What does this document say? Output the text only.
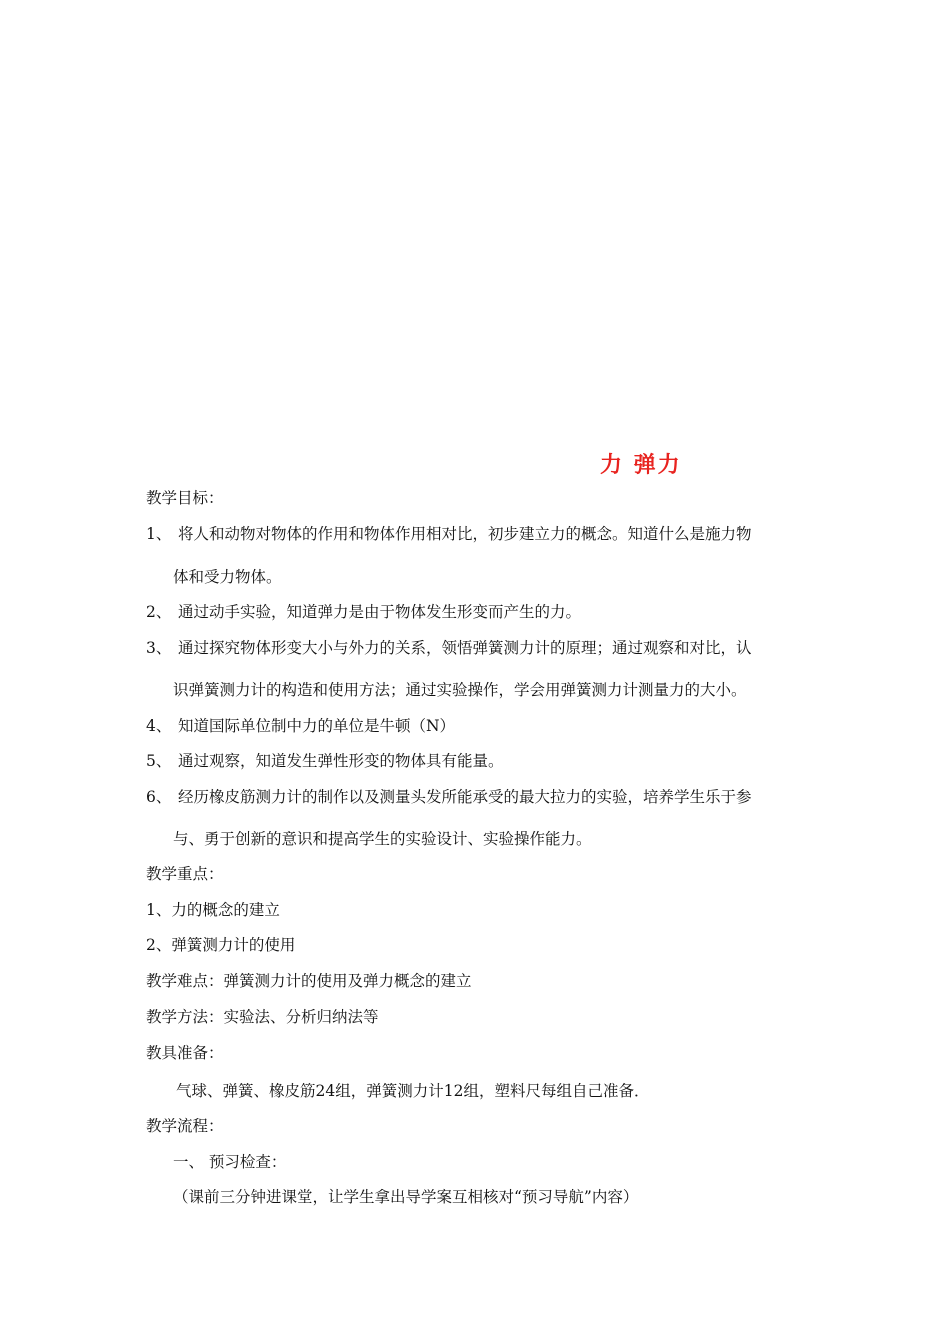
力 弹力
教学目标：
1、 将人和动物对物体的作用和物体作用相对比，初步建立力的概念。知道什么是施力物
体和受力物体。
2、 通过动手实验，知道弹力是由于物体发生形变而产生的力。
3、 通过探究物体形变大小与外力的关系，领悟弹簧测力计的原理；通过观察和对比，认
识弹簧测力计的构造和使用方法；通过实验操作，学会用弹簧测力计测量力的大小。
4、 知道国际单位制中力的单位是牛顿（N）
5、 通过观察，知道发生弹性形变的物体具有能量。
6、 经历橡皮筋测力计的制作以及测量头发所能承受的最大拉力的实验，培养学生乐于参
与、勇于创新的意识和提高学生的实验设计、实验操作能力。
教学重点：
1、力的概念的建立
2、弹簧测力计的使用
教学难点：弹簧测力计的使用及弹力概念的建立
教学方法：实验法、分析归纳法等
教具准备：
气球、弹簧、橡皮筋24组，弹簧测力计12组，塑料尺每组自己准备．
教学流程：
一、 预习检查：
（课前三分钟进课堂，让学生拿出导学案互相核对“预习导航”内容）
